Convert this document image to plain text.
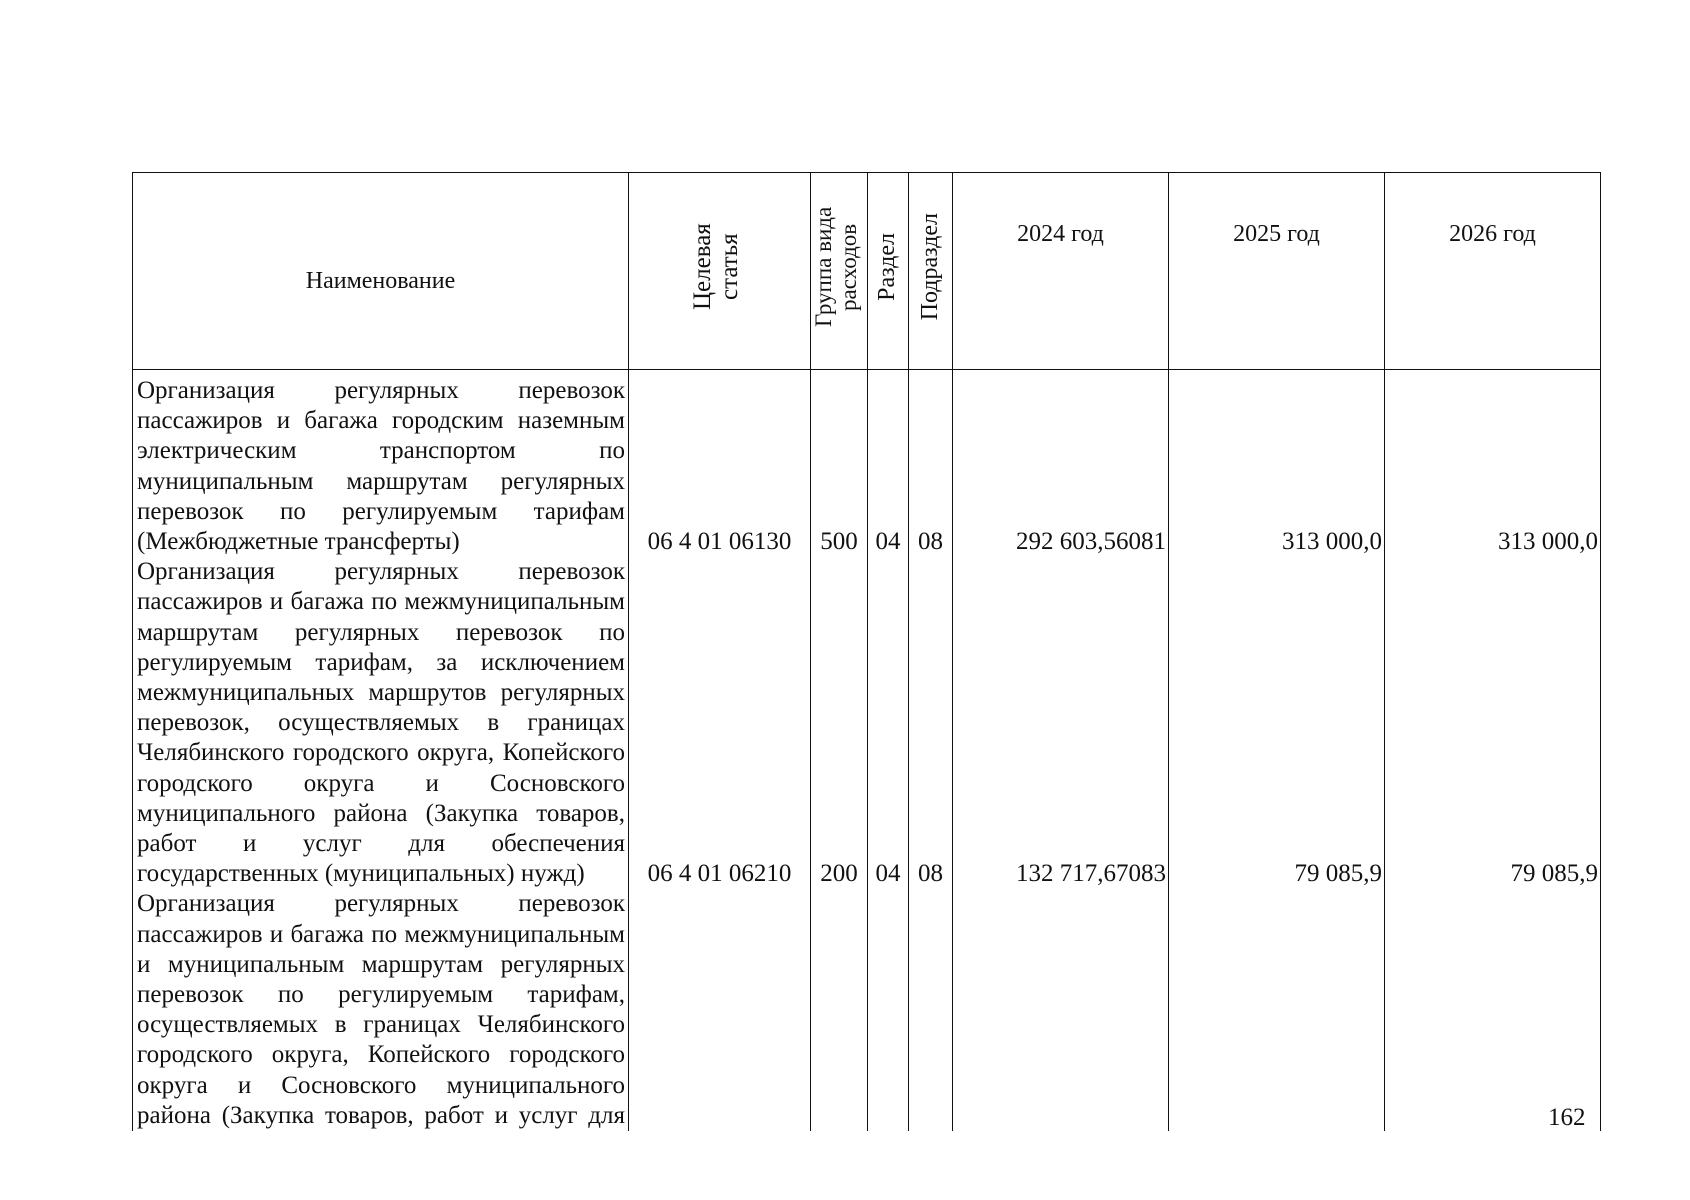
Наименование	Целевая статья	Группа вида расходов	Раздел	Подраздел	2024 год	2025 год	2026 год
Организация регулярных перевозок пассажиров и багажа городским наземным электрическим транспортом по муниципальным маршрутам регулярных перевозок по регулируемым тарифам (Межбюджетные трансферты)	06 4 01 06130	500	04	08	292 603,56081	313 000,0	313 000,0
Организация регулярных перевозок пассажиров и багажа по межмуниципальным маршрутам регулярных перевозок по регулируемым тарифам, за исключением межмуниципальных маршрутов регулярных перевозок, осуществляемых в границах Челябинского городского округа, Копейского городского округа и Сосновского муниципального района (Закупка товаров, работ и услуг для обеспечения государственных (муниципальных) нужд)	06 4 01 06210	200	04	08	132 717,67083	79 085,9	79 085,9
Организация регулярных перевозок пассажиров и багажа по межмуниципальным и муниципальным маршрутам регулярных перевозок по регулируемым тарифам, осуществляемых в границах Челябинского городского округа, Копейского городского округа и Сосновского муниципального района (Закупка товаров, работ и услуг для								162
